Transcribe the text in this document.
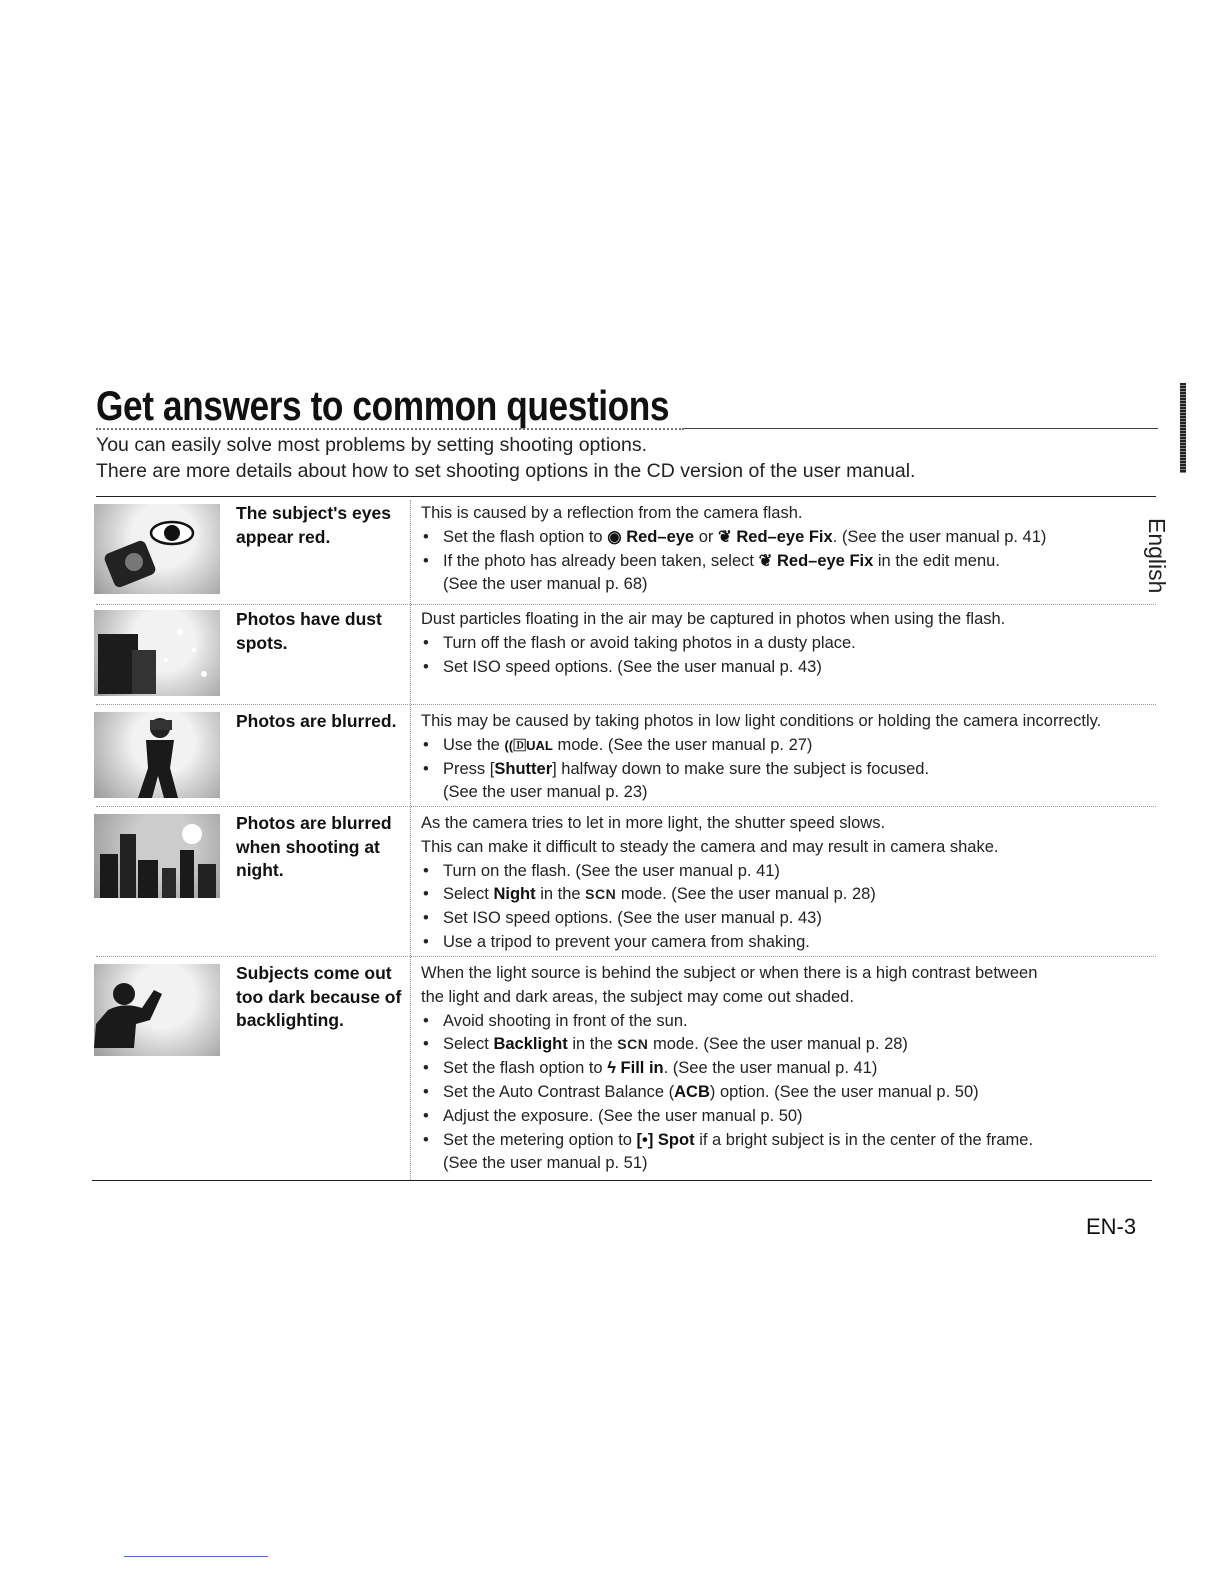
Get answers to common questions
You can easily solve most problems by setting shooting options.
There are more details about how to set shooting options in the CD version of the user manual.
English
The subject's eyes appear red.
This is caused by a reflection from the camera flash.
• Set the flash option to ◉ Red–eye or ❦ Red–eye Fix. (See the user manual p. 41)
• If the photo has already been taken, select ❦ Red–eye Fix in the edit menu.
(See the user manual p. 68)
Photos have dust spots.
Dust particles floating in the air may be captured in photos when using the flash.
• Turn off the flash or avoid taking photos in a dusty place.
• Set ISO speed options. (See the user manual p. 43)
Photos are blurred.	This may be caused by taking photos in low light conditions or holding the camera incorrectly.
• Use the ((🄳UAL mode. (See the user manual p. 27)
• Press [Shutter] halfway down to make sure the subject is focused.
(See the user manual p. 23)
Photos are blurred when shooting at night.
As the camera tries to let in more light, the shutter speed slows.
This can make it difficult to steady the camera and may result in camera shake.
• Turn on the flash. (See the user manual p. 41)
• Select Night in the SCN mode. (See the user manual p. 28)
• Set ISO speed options. (See the user manual p. 43)
• Use a tripod to prevent your camera from shaking.
Subjects come out too dark because of backlighting.
When the light source is behind the subject or when there is a high contrast between
the light and dark areas, the subject may come out shaded.
• Avoid shooting in front of the sun.
• Select Backlight in the SCN mode. (See the user manual p. 28)
• Set the flash option to ϟ Fill in. (See the user manual p. 41)
• Set the Auto Contrast Balance (ACB) option. (See the user manual p. 50)
• Adjust the exposure. (See the user manual p. 50)
• Set the metering option to [•] Spot if a bright subject is in the center of the frame.
(See the user manual p. 51)
EN-3
